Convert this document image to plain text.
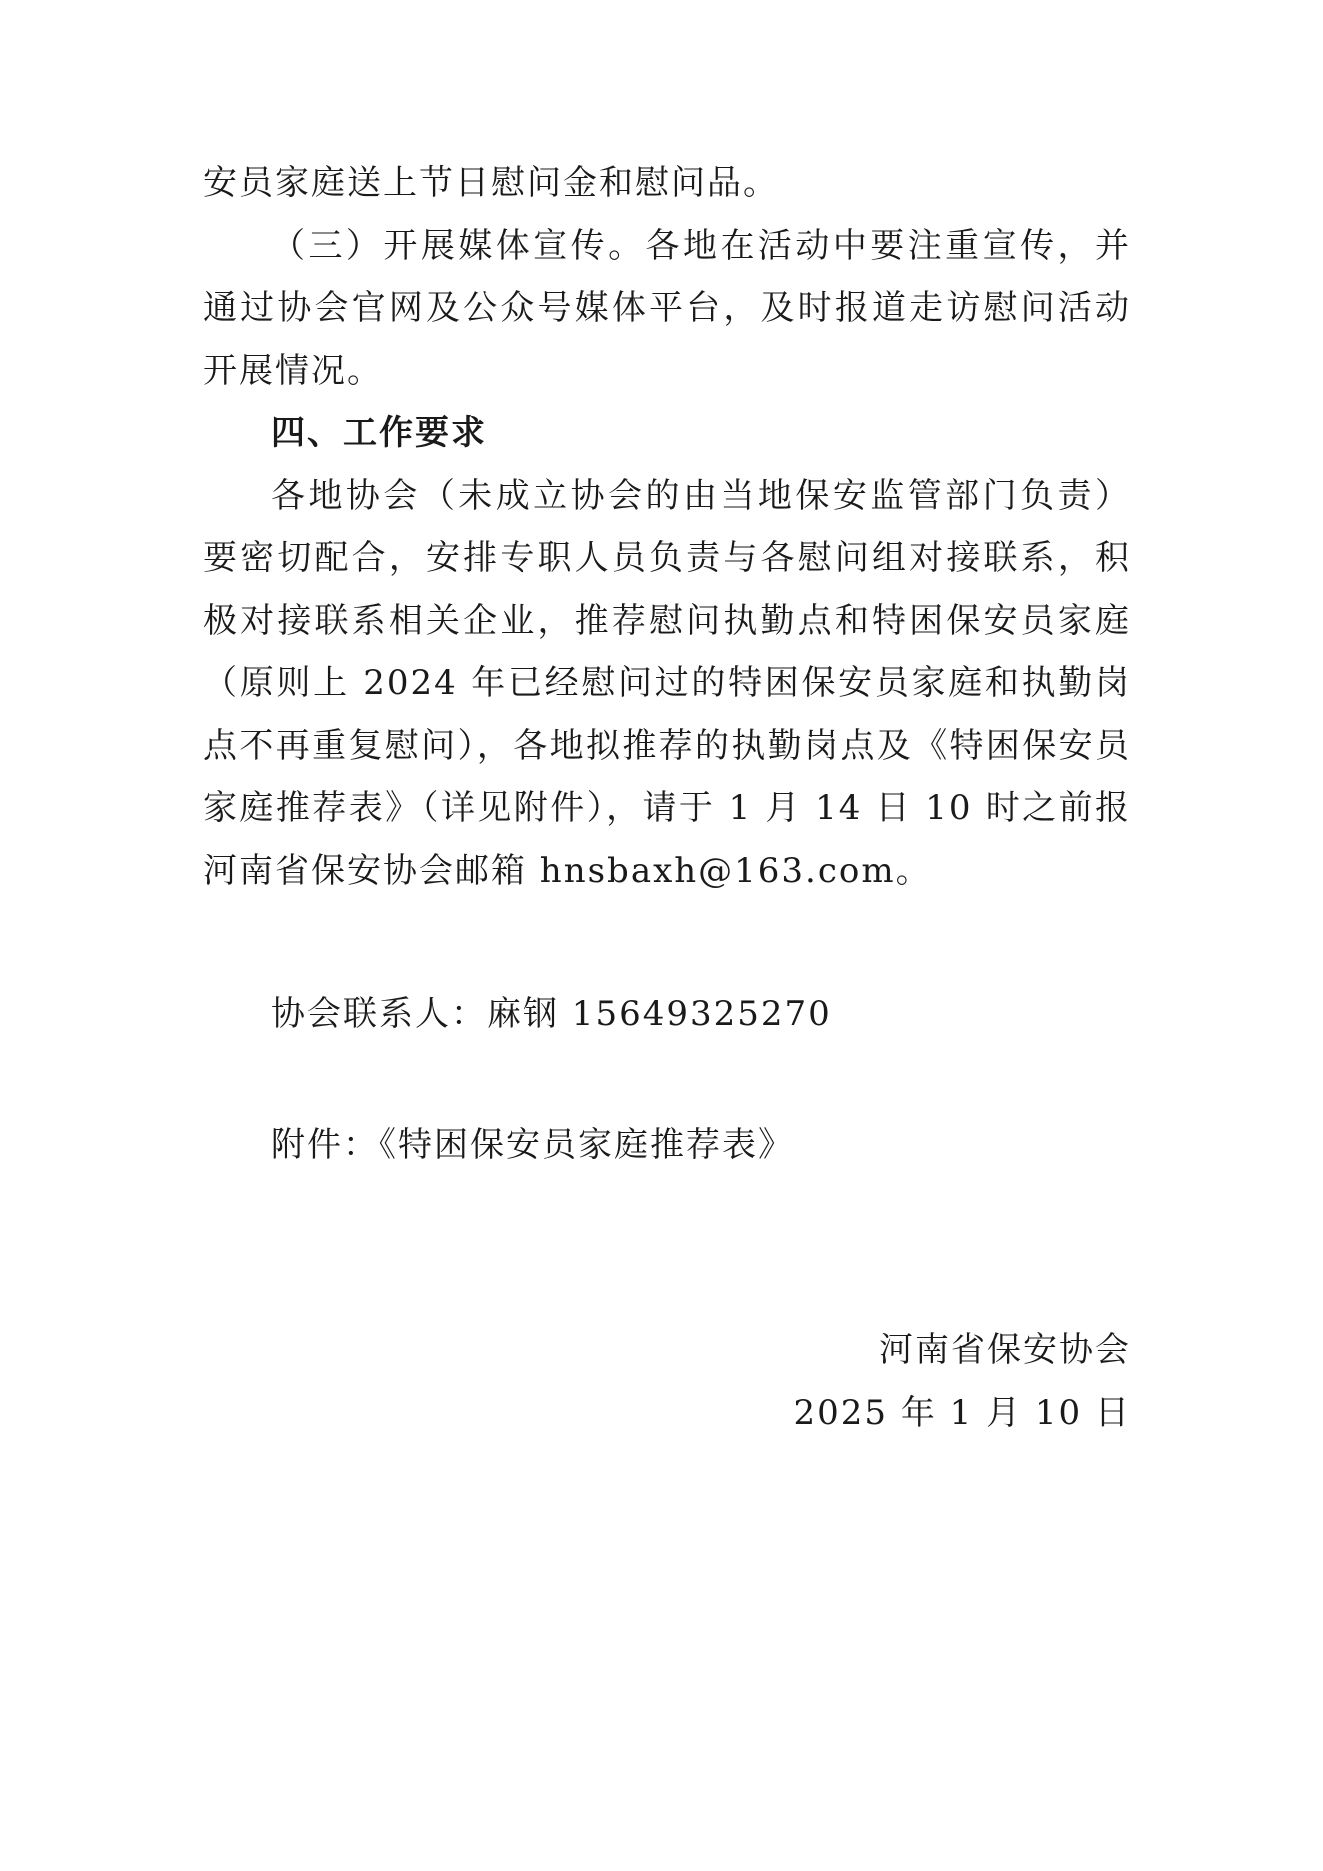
安员家庭送上节日慰问金和慰问品。

（三）开展媒体宣传。各地在活动中要注重宣传，并通过协会官网及公众号媒体平台，及时报道走访慰问活动开展情况。

四、工作要求

各地协会（未成立协会的由当地保安监管部门负责）要密切配合，安排专职人员负责与各慰问组对接联系，积极对接联系相关企业，推荐慰问执勤点和特困保安员家庭（原则上 2024 年已经慰问过的特困保安员家庭和执勤岗点不再重复慰问），各地拟推荐的执勤岗点及《特困保安员家庭推荐表》（详见附件），请于 1 月 14 日 10 时之前报河南省保安协会邮箱 hnsbaxh@163.com。

协会联系人：麻钢 15649325270
附件：《特困保安员家庭推荐表》
河南省保安协会
2025 年 1 月 10 日
